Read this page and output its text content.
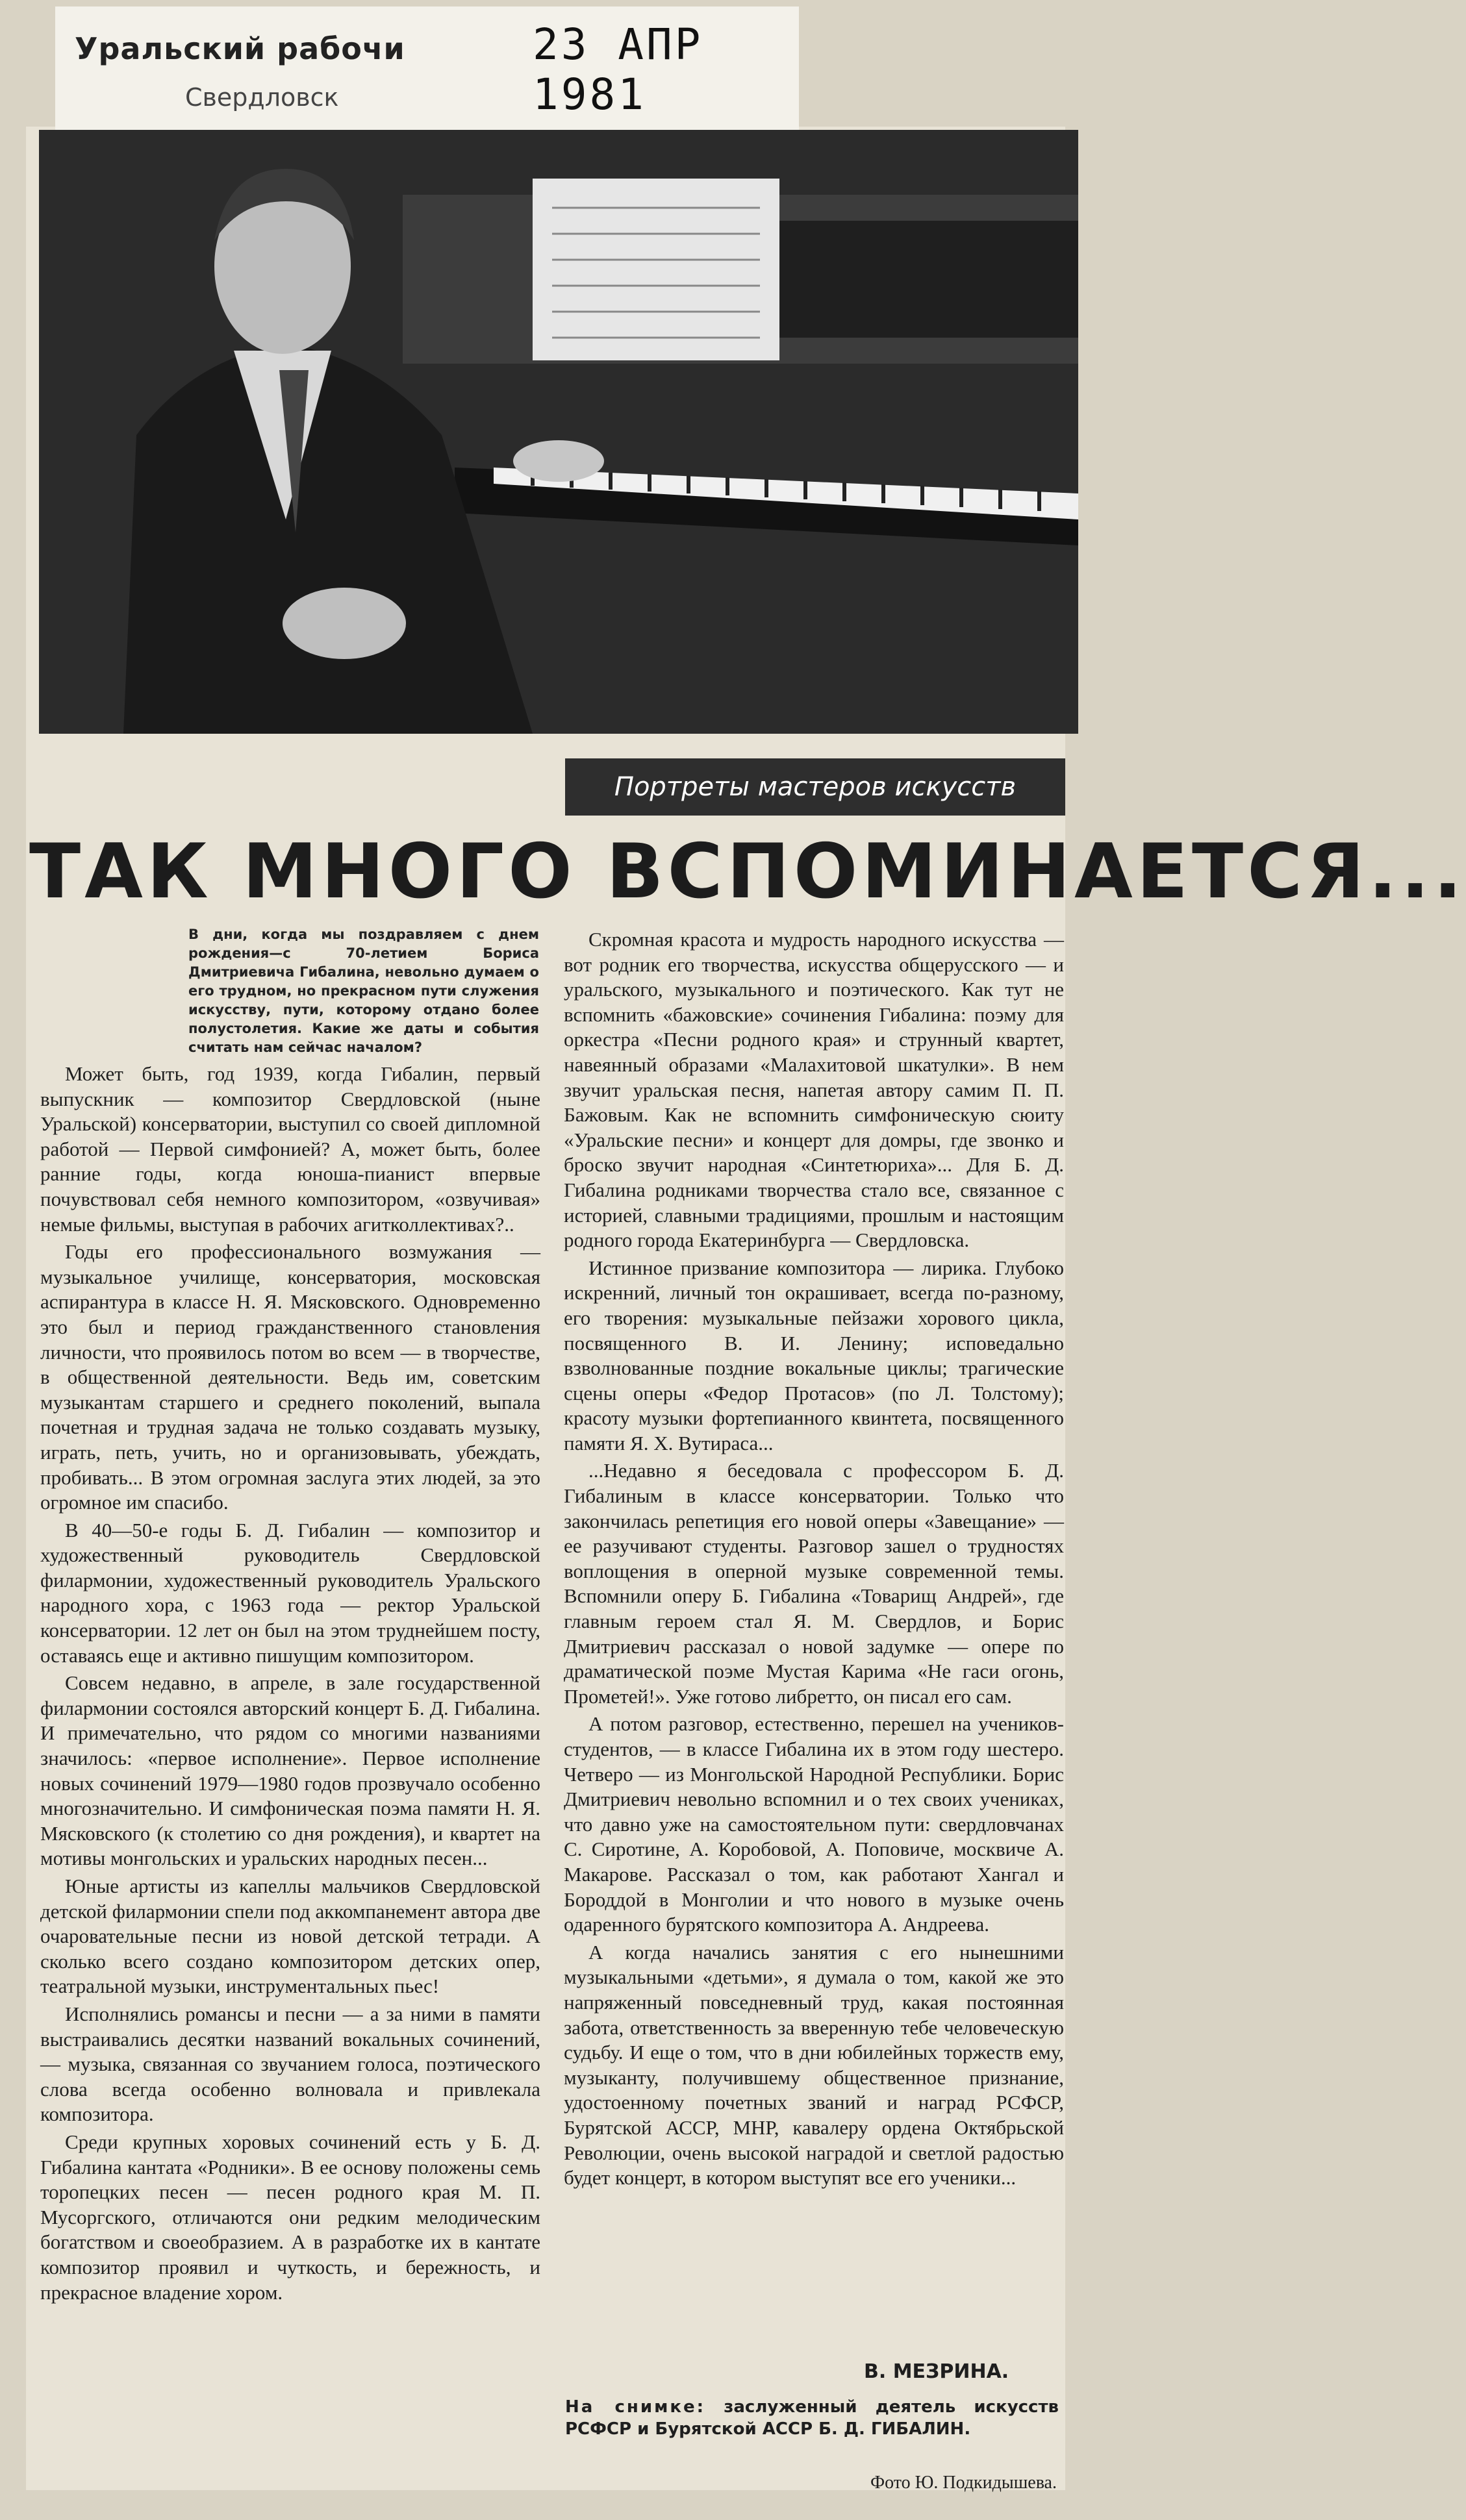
Уральский рабочи
Свердловск
23 АПР 1981
Портреты мастеров искусств
ТАК МНОГО ВСПОМИНАЕТСЯ...
В дни, когда мы поздравляем с днем рождения—с 70-летием Бориса Дмитриевича Гибалина, невольно думаем о его трудном, но прекрасном пути служения искусству, пути, которому отдано более полустолетия. Какие же даты и события считать нам сейчас началом?

Может быть, год 1939, когда Гибалин, первый выпускник — композитор Свердловской (ныне Уральской) консерватории, выступил со своей дипломной работой — Первой симфонией? А, может быть, более ранние годы, когда юноша-пианист впервые почувствовал себя немного композитором, «озвучивая» немые фильмы, выступая в рабочих агитколлективах?..

Годы его профессионального возмужания — музыкальное училище, консерватория, московская аспирантура в классе Н. Я. Мясковского. Одновременно это был и период гражданственного становления личности, что проявилось потом во всем — в творчестве, в общественной деятельности. Ведь им, советским музыкантам старшего и среднего поколений, выпала почетная и трудная задача не только создавать музыку, играть, петь, учить, но и организовывать, убеждать, пробивать... В этом огромная заслуга этих людей, за это огромное им спасибо.

В 40—50-е годы Б. Д. Гибалин — композитор и художественный руководитель Свердловской филармонии, художественный руководитель Уральского народного хора, с 1963 года — ректор Уральской консерватории. 12 лет он был на этом труднейшем посту, оставаясь еще и активно пишущим композитором.

Совсем недавно, в апреле, в зале государственной филармонии состоялся авторский концерт Б. Д. Гибалина. И примечательно, что рядом со многими названиями значилось: «первое исполнение». Первое исполнение новых сочинений 1979—1980 годов прозвучало особенно многозначительно. И симфоническая поэма памяти Н. Я. Мясковского (к столетию со дня рождения), и квартет на мотивы монгольских и уральских народных песен...

Юные артисты из капеллы мальчиков Свердловской детской филармонии спели под аккомпанемент автора две очаровательные песни из новой детской тетради. А сколько всего создано композитором детских опер, театральной музыки, инструментальных пьес!

Исполнялись романсы и песни — а за ними в памяти выстраивались десятки названий вокальных сочинений, — музыка, связанная со звучанием голоса, поэтического слова всегда особенно волновала и привлекала композитора.

Среди крупных хоровых сочинений есть у Б. Д. Гибалина кантата «Родники». В ее основу положены семь торопецких песен — песен родного края М. П. Мусоргского, отличаются они редким мелодическим богатством и своеобразием. А в разработке их в кантате композитор проявил и чуткость, и бережность, и прекрасное владение хором.

Скромная красота и мудрость народного искусства — вот родник его творчества, искусства общерусского — и уральского, музыкального и поэтического. Как тут не вспомнить «бажовские» сочинения Гибалина: поэму для оркестра «Песни родного края» и струнный квартет, навеянный образами «Малахитовой шкатулки». В нем звучит уральская песня, напетая автору самим П. П. Бажовым. Как не вспомнить симфоническую сюиту «Уральские песни» и концерт для домры, где звонко и броско звучит народная «Синтетюриха»... Для Б. Д. Гибалина родниками творчества стало все, связанное с историей, славными традициями, прошлым и настоящим родного города Екатеринбурга — Свердловска.

Истинное призвание композитора — лирика. Глубоко искренний, личный тон окрашивает, всегда по-разному, его творения: музыкальные пейзажи хорового цикла, посвященного В. И. Ленину; исповедально взволнованные поздние вокальные циклы; трагические сцены оперы «Федор Протасов» (по Л. Толстому); красоту музыки фортепианного квинтета, посвященного памяти Я. Х. Вутираса...

...Недавно я беседовала с профессором Б. Д. Гибалиным в классе консерватории. Только что закончилась репетиция его новой оперы «Завещание» — ее разучивают студенты. Разговор зашел о трудностях воплощения в оперной музыке современной темы. Вспомнили оперу Б. Гибалина «Товарищ Андрей», где главным героем стал Я. М. Свердлов, и Борис Дмитриевич рассказал о новой задумке — опере по драматической поэме Мустая Карима «Не гаси огонь, Прометей!». Уже готово либретто, он писал его сам.

А потом разговор, естественно, перешел на учеников-студентов, — в классе Гибалина их в этом году шестеро. Четверо — из Монгольской Народной Республики. Борис Дмитриевич невольно вспомнил и о тех своих учениках, что давно уже на самостоятельном пути: свердловчанах С. Сиротине, А. Коробовой, А. Поповиче, москвиче А. Макарове. Рассказал о том, как работают Хангал и Бороддой в Монголии и что нового в музыке очень одаренного бурятского композитора А. Андреева.

А когда начались занятия с его нынешними музыкальными «детьми», я думала о том, какой же это напряженный повседневный труд, какая постоянная забота, ответственность за вверенную тебе человеческую судьбу. И еще о том, что в дни юбилейных торжеств ему, музыканту, получившему общественное признание, удостоенному почетных званий и наград РСФСР, Бурятской АССР, МНР, кавалеру ордена Октябрьской Революции, очень высокой наградой и светлой радостью будет концерт, в котором выступят все его ученики...

В. МЕЗРИНА.
На снимке: заслуженный деятель искусств РСФСР и Бурятской АССР Б. Д. ГИБАЛИН.
Фото Ю. Подкидышева.
